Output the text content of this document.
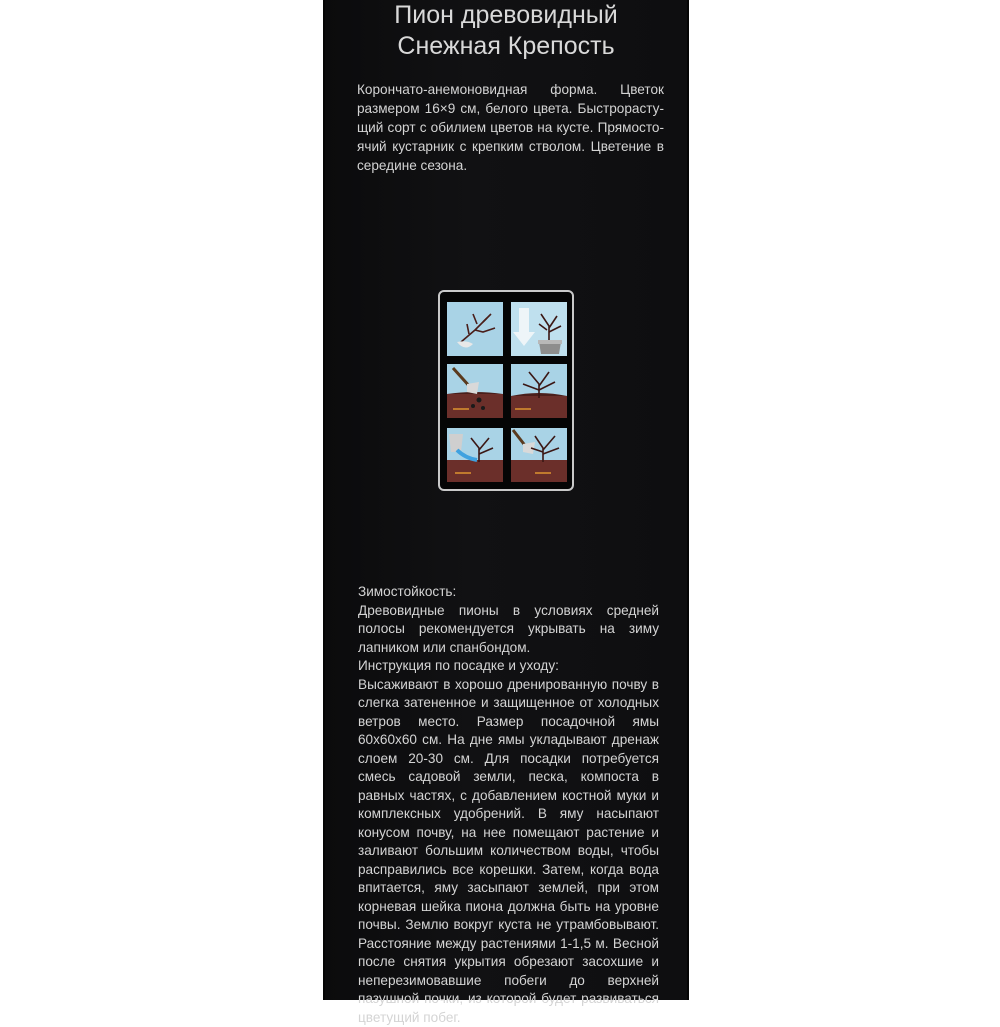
Пион древовидный
Снежная Крепость
Корончато-анемоновидная форма. Цветок размером 16×9 см, белого цвета. Быстрорастущий сорт с обилием цветов на кусте. Прямостоячий кустарник с крепким стволом. Цветение в середине сезона.

Зимостойкость:

Древовидные пионы в условиях средней полосы рекомендуется укрывать на зиму лапником или спанбондом.

Инструкция по посадке и уходу:

Высаживают в хорошо дренированную почву в слегка затененное и защищенное от холодных ветров место. Размер посадочной ямы 60х60х60 см. На дне ямы укладывают дренаж слоем 20-30 см. Для посадки потребуется смесь садовой земли, песка, компоста в равных частях, с добавлением костной муки и комплексных удобрений. В яму насыпают конусом почву, на нее помещают растение и заливают большим количеством воды, чтобы расправились все корешки. Затем, когда вода впитается, яму засыпают землей, при этом корневая шейка пиона должна быть на уровне почвы. Землю вокруг куста не утрамбовывают. Расстояние между растениями 1-1,5 м. Весной после снятия укрытия обрезают засохшие и неперезимовавшие побеги до верхней пазушной почки, из которой будет развиваться цветущий побег.
